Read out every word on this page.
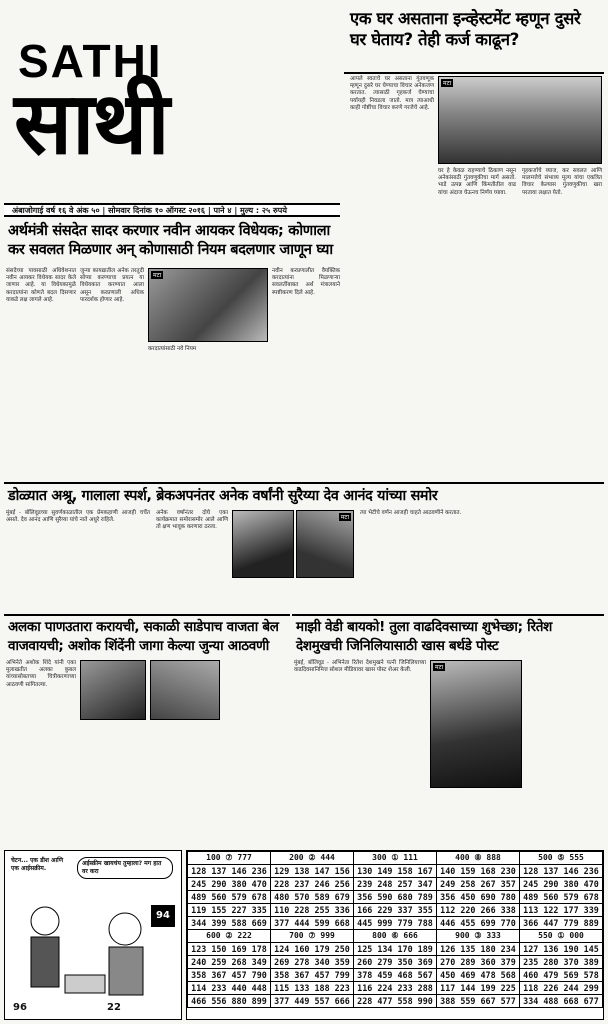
SATHI
साथी
अंबाजोगाई वर्ष १६ वे अंक ५० | सोमवार दिनांक १० ऑगस्ट २०१६ | पाने ४ | मुल्य : २५ रुपये
एक घर असताना इन्व्हेस्टमेंट म्हणून दुसरे घर घेताय? तेही कर्ज काढून?
आपले स्वतःचे घर असताना गुंतवणूक म्हणून दुसरे घर घेण्याचा विचार अनेकजण करतात. त्यासाठी गृहकर्ज घेण्याचा पर्यायही निवडला जातो. मात्र त्याआधी काही गोष्टींचा विचार करणे गरजेचे आहे.
मटा
घर हे केवळ राहण्याचे ठिकाण नसून अनेकांसाठी गुंतवणुकीचा मार्ग असतो. भाडे उत्पन्न आणि किंमतीतील वाढ यांचा अंदाज घेऊनच निर्णय घ्यावा.
गृहकर्जाचे व्याज, कर सवलत आणि मालमत्तेचे संभाव्य मूल्य यांचा एकत्रित विचार केल्यास गुंतवणुकीचा खरा परतावा लक्षात येतो.
अर्थमंत्री संसदेत सादर करणार नवीन आयकर विधेयक; कोणाला कर सवलत मिळणार अन् कोणासाठी नियम बदलणार जाणून घ्या
संसदेच्या पावसाळी अधिवेशनात नवीन आयकर विधेयक सादर केले जाणार आहे. या विधेयकामुळे करदात्यांना कोणते बदल दिसणार याकडे लक्ष लागले आहे.
जुन्या कायद्यातील अनेक तरतुदी सोप्या करण्याचा प्रयत्न या विधेयकात करण्यात आला असून करप्रणाली अधिक पारदर्शक होणार आहे.
मटा
नवीन करप्रणालीत वैयक्तिक करदात्यांना मिळणाऱ्या सवलतींबाबत अर्थ मंत्रालयाने स्पष्टीकरण दिले आहे.
करदात्यांसाठी नवे नियम
डोळ्यात अश्रू, गालाला स्पर्श, ब्रेकअपनंतर अनेक वर्षांनी सुरैय्या देव आनंद यांच्या समोर
मुंबई - बॉलिवूडच्या सुवर्णकाळातील एक प्रेमकहाणी आजही चर्चेत असते. देव आनंद आणि सुरैय्या यांचे नाते अधुरे राहिले.
अनेक वर्षांनंतर दोघे एका कार्यक्रमात समोरासमोर आले आणि तो क्षण भावूक करणारा ठरला.
मटा
त्या भेटीचे वर्णन आजही चाहते आठवणीने करतात.
अलका पाणउतारा करायची, सकाळी साडेपाच वाजता बेल वाजवायची; अशोक शिंदेंनी जागा केल्या जुन्या आठवणी
अभिनेते अशोक शिंदे यांनी एका मुलाखतीत अलका कुबल यांच्यासोबतच्या चित्रीकरणाच्या आठवणी सांगितल्या.
माझी वेडी बायको! तुला वाढदिवसाच्या शुभेच्छा; रितेश देशमुखची जिनिलियासाठी खास बर्थडे पोस्ट
मटा
मुंबई, बॉलिवूड - अभिनेता रितेश देशमुखने पत्नी जिनिलियाच्या वाढदिवसानिमित्त सोशल मीडियावर खास पोस्ट शेअर केली.
चेटन... एक डीश आणि एक आईसक्रीम.
अईस्क्रीम खायचंय तुम्हाला? मग हात वर करा
94
96	22
100 ⑦ 777	200 ② 444	300 ① 111	400 ⑧ 888	500 ⑤ 555
128 137 146 236	129 138 147 156	130 149 158 167	140 159 168 230	128 137 146 236
245 290 380 470	228 237 246 256	239 248 257 347	249 258 267 357	245 290 380 470
489 560 579 678	480 570 589 679	356 590 680 789	356 450 690 780	489 560 579 678
119 155 227 335	110 228 255 336	166 229 337 355	112 220 266 338	113 122 177 339
344 399 588 669	377 444 599 668	445 999 779 788	446 455 699 770	366 447 779 889
600 ② 222	700 ⑦ 999	800 ⑥ 666	900 ③ 333	550 ① 000
123 150 169 178	124 160 179 250	125 134 170 189	126 135 180 234	127 136 190 145
240 259 268 349	269 278 340 359	260 279 350 369	270 289 360 379	235 280 370 389
358 367 457 790	358 367 457 799	378 459 468 567	450 469 478 568	460 479 569 578
114 233 440 448	115 133 188 223	116 224 233 288	117 144 199 225	118 226 244 299
466 556 880 899	377 449 557 666	228 477 558 990	388 559 667 577	334 488 668 677
